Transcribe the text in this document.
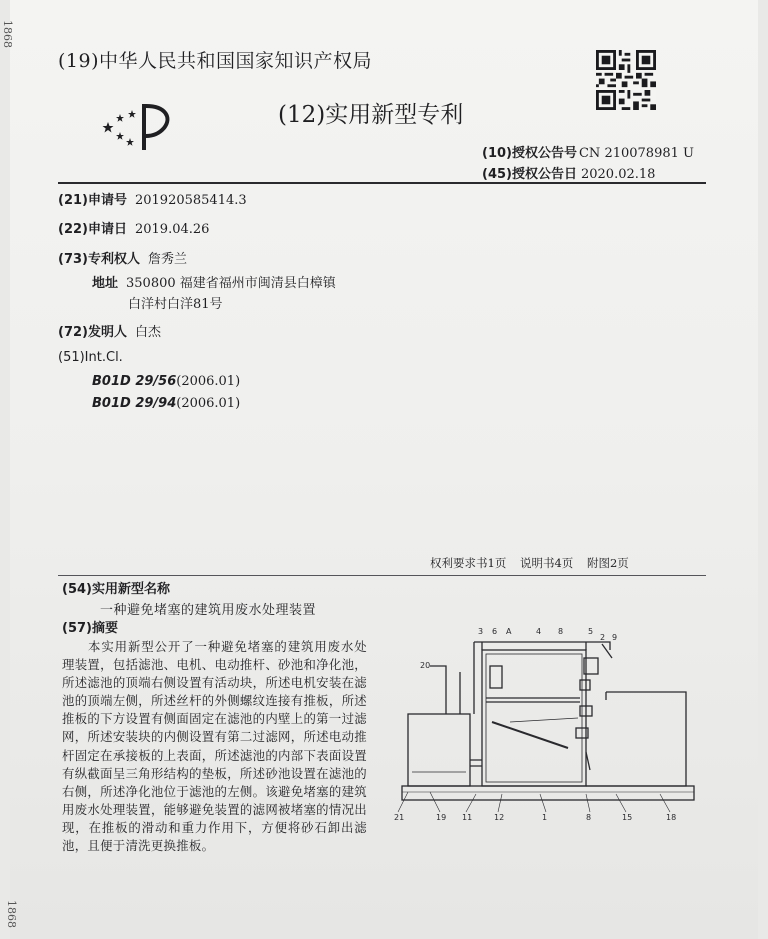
(19)中华人民共和国国家知识产权局
(12)实用新型专利
(10)授权公告号 CN 210078981 U
(45)授权公告日 2020.02.18
(21)申请号 201920585414.3
(22)申请日 2019.04.26
(73)专利权人 詹秀兰
地址 350800 福建省福州市闽清县白樟镇
白洋村白洋81号
(72)发明人 白杰
(51)Int.Cl.
B01D 29/56(2006.01)
B01D 29/94(2006.01)
权利要求书1页 说明书4页 附图2页
(54)实用新型名称
一种避免堵塞的建筑用废水处理装置
(57)摘要
本实用新型公开了一种避免堵塞的建筑用废水处理装置，包括滤池、电机、电动推杆、砂池和净化池，所述滤池的顶端右侧设置有活动块，所述电机安装在滤池的顶端左侧，所述丝杆的外侧螺纹连接有推板，所述推板的下方设置有侧面固定在滤池的内壁上的第一过滤网，所述安装块的内侧设置有第二过滤网，所述电动推杆固定在承接板的上表面，所述滤池的内部下表面设置有纵截面呈三角形结构的垫板，所述砂池设置在滤池的右侧，所述净化池位于滤池的左侧。该避免堵塞的建筑用废水处理装置，能够避免装置的滤网被堵塞的情况出现，在推板的滑动和重力作用下，方便将砂石卸出滤池，且便于清洗更换推板。
3 6 A	4 8	5
2 9
20
21	19 11	12	1	8	15	18
1868
1868
